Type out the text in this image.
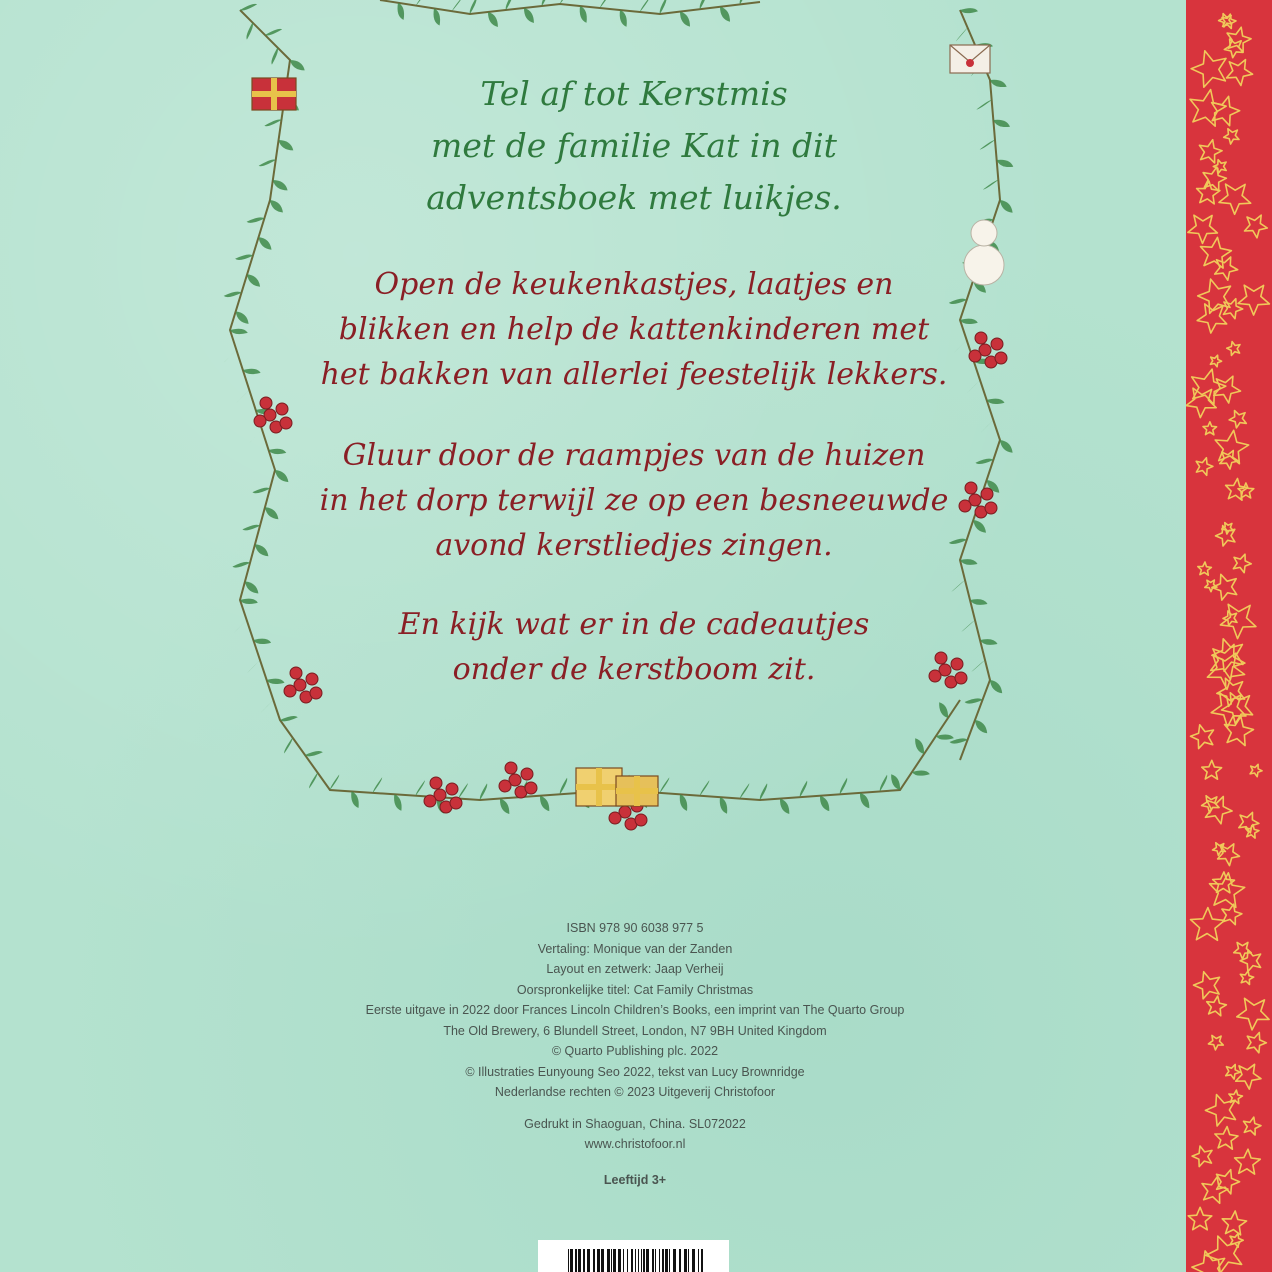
Tel af tot Kerstmis

met de familie Kat in dit

adventsboek met luikjes.

Open de keukenkastjes, laatjes en

blikken en help de kattenkinderen met

het bakken van allerlei feestelijk lekkers.

Gluur door de raampjes van de huizen

in het dorp terwijl ze op een besneeuwde

avond kerstliedjes zingen.

En kijk wat er in de cadeautjes

onder de kerstboom zit.

ISBN 978 90 6038 977 5
Vertaling: Monique van der Zanden
Layout en zetwerk: Jaap Verheij
Oorspronkelijke titel: Cat Family Christmas
Eerste uitgave in 2022 door Frances Lincoln Children’s Books, een imprint van The Quarto Group
The Old Brewery, 6 Blundell Street, London, N7 9BH United Kingdom
© Quarto Publishing plc. 2022
© Illustraties Eunyoung Seo 2022, tekst van Lucy Brownridge
Nederlandse rechten © 2023 Uitgeverij Christofoor
Gedrukt in Shaoguan, China. SL072022
www.christofoor.nl
Leeftijd 3+
